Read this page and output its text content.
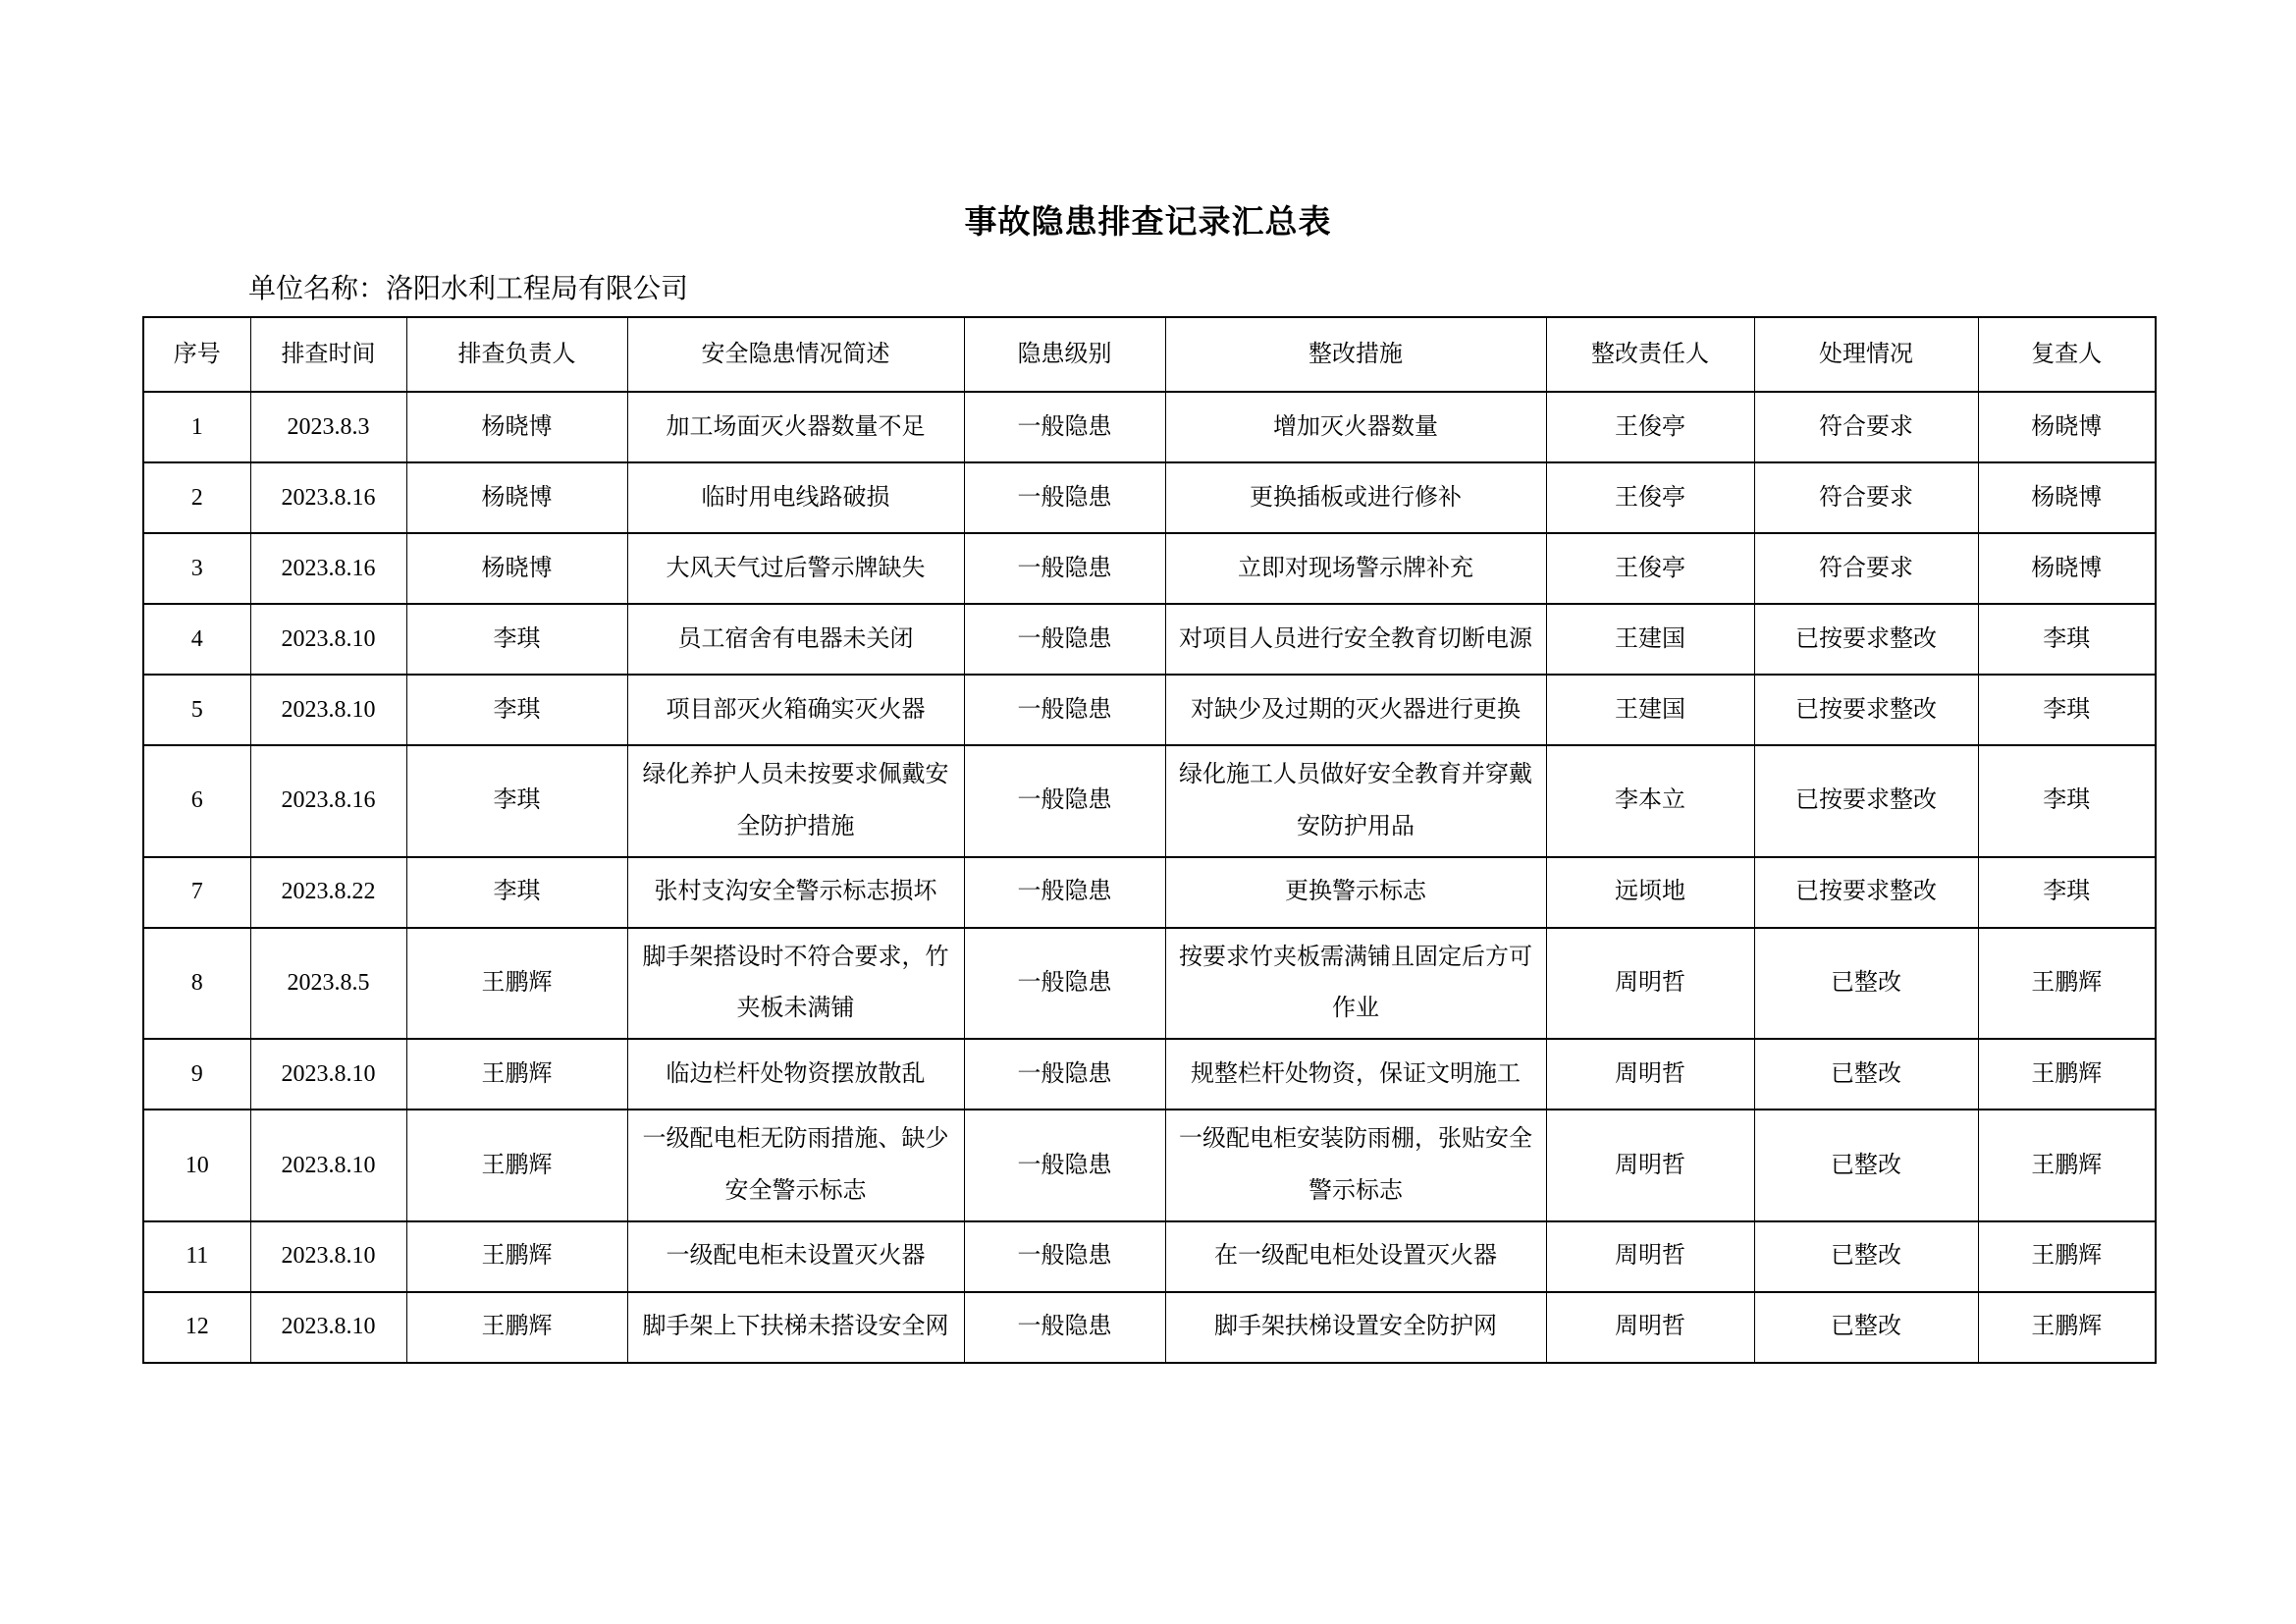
事故隐患排查记录汇总表
单位名称：洛阳水利工程局有限公司
序号	排查时间	排查负责人	安全隐患情况简述	隐患级别	整改措施	整改责任人	处理情况	复查人
1	2023.8.3	杨晓博	加工场面灭火器数量不足	一般隐患	增加灭火器数量	王俊亭	符合要求	杨晓博
2	2023.8.16	杨晓博	临时用电线路破损	一般隐患	更换插板或进行修补	王俊亭	符合要求	杨晓博
3	2023.8.16	杨晓博	大风天气过后警示牌缺失	一般隐患	立即对现场警示牌补充	王俊亭	符合要求	杨晓博
4	2023.8.10	李琪	员工宿舍有电器未关闭	一般隐患	对项目人员进行安全教育切断电源	王建国	已按要求整改	李琪
5	2023.8.10	李琪	项目部灭火箱确实灭火器	一般隐患	对缺少及过期的灭火器进行更换	王建国	已按要求整改	李琪
6	2023.8.16	李琪	绿化养护人员未按要求佩戴安全防护措施	一般隐患	绿化施工人员做好安全教育并穿戴安防护用品	李本立	已按要求整改	李琪
7	2023.8.22	李琪	张村支沟安全警示标志损坏	一般隐患	更换警示标志	远顷地	已按要求整改	李琪
8	2023.8.5	王鹏辉	脚手架搭设时不符合要求，竹夹板未满铺	一般隐患	按要求竹夹板需满铺且固定后方可作业	周明哲	已整改	王鹏辉
9	2023.8.10	王鹏辉	临边栏杆处物资摆放散乱	一般隐患	规整栏杆处物资，保证文明施工	周明哲	已整改	王鹏辉
10	2023.8.10	王鹏辉	一级配电柜无防雨措施、缺少安全警示标志	一般隐患	一级配电柜安装防雨棚，张贴安全警示标志	周明哲	已整改	王鹏辉
11	2023.8.10	王鹏辉	一级配电柜未设置灭火器	一般隐患	在一级配电柜处设置灭火器	周明哲	已整改	王鹏辉
12	2023.8.10	王鹏辉	脚手架上下扶梯未搭设安全网	一般隐患	脚手架扶梯设置安全防护网	周明哲	已整改	王鹏辉
